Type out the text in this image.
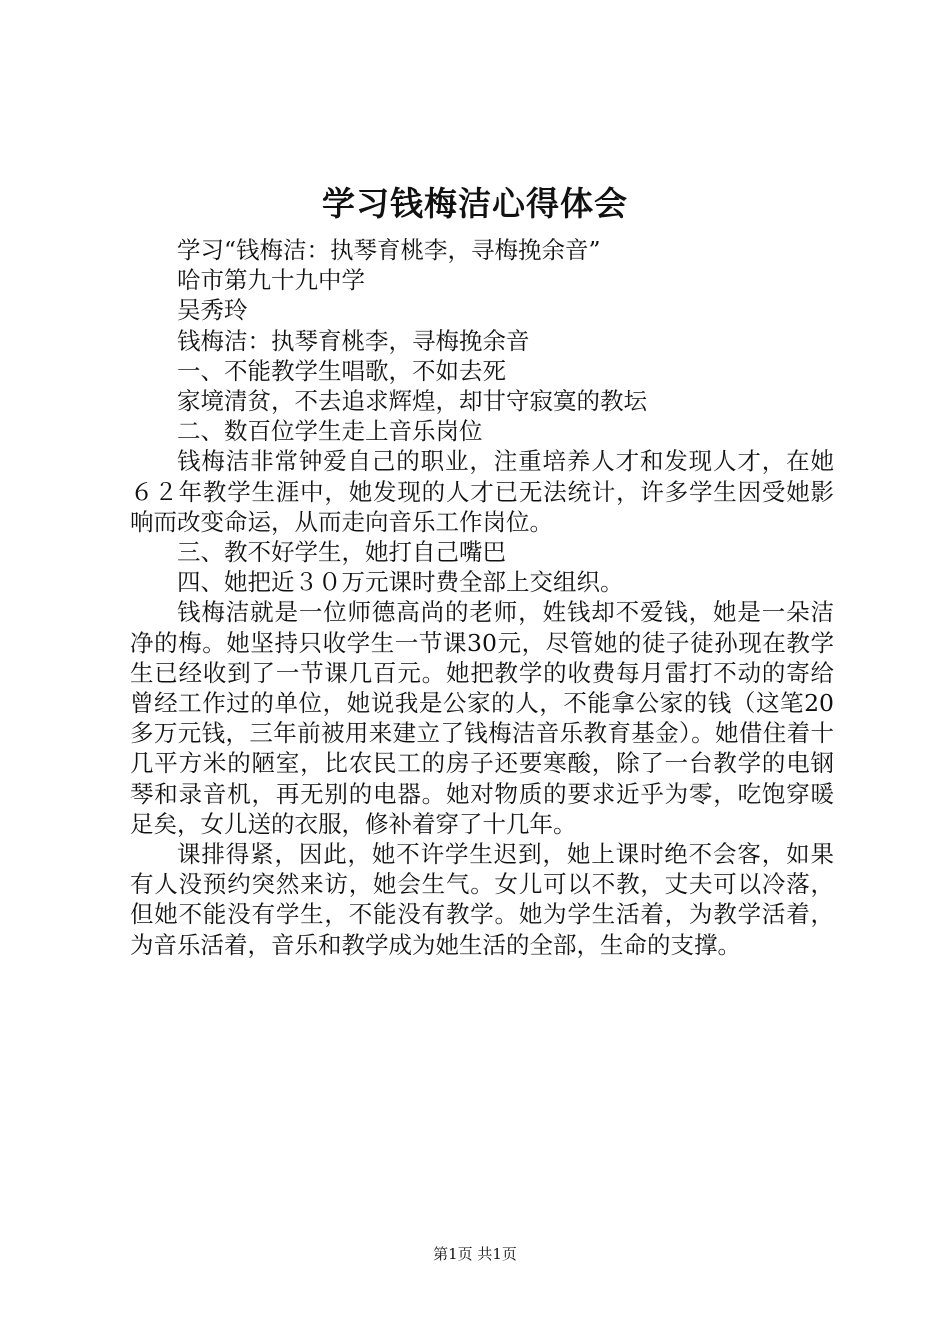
学习钱梅洁心得体会

学习“钱梅洁：执琴育桃李，寻梅挽余音”

哈市第九十九中学

吴秀玲

钱梅洁：执琴育桃李，寻梅挽余音

一、不能教学生唱歌，不如去死

家境清贫，不去追求辉煌，却甘守寂寞的教坛

二、数百位学生走上音乐岗位

钱梅洁非常钟爱自己的职业，注重培养人才和发现人才，在她６２年教学生涯中，她发现的人才已无法统计，许多学生因受她影响而改变命运，从而走向音乐工作岗位。

三、教不好学生，她打自己嘴巴

四、她把近３０万元课时费全部上交组织。

钱梅洁就是一位师德高尚的老师，姓钱却不爱钱，她是一朵洁净的梅。她坚持只收学生一节课30元，尽管她的徒子徒孙现在教学生已经收到了一节课几百元。她把教学的收费每月雷打不动的寄给曾经工作过的单位，她说我是公家的人，不能拿公家的钱（这笔20多万元钱，三年前被用来建立了钱梅洁音乐教育基金）。她借住着十几平方米的陋室，比农民工的房子还要寒酸，除了一台教学的电钢琴和录音机，再无别的电器。她对物质的要求近乎为零，吃饱穿暖足矣，女儿送的衣服，修补着穿了十几年。

课排得紧，因此，她不许学生迟到，她上课时绝不会客，如果有人没预约突然来访，她会生气。女儿可以不教，丈夫可以冷落，但她不能没有学生，不能没有教学。她为学生活着，为教学活着，为音乐活着，音乐和教学成为她生活的全部，生命的支撑。

第1页 共1页
